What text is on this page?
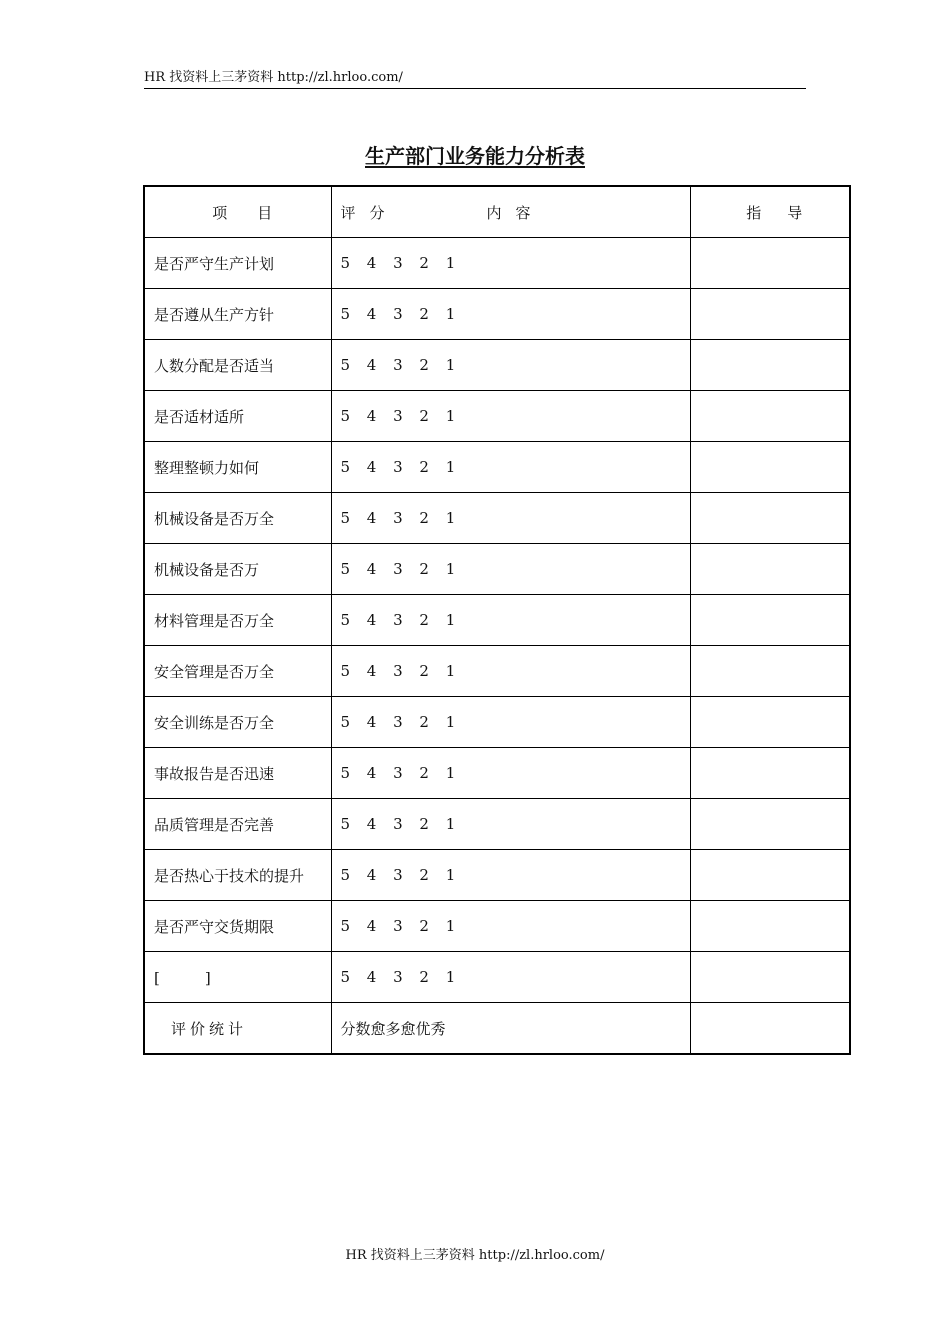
HR 找资料上三茅资料 http://zl.hrloo.com/
生产部门业务能力分析表
项 目	评 分 内 容	指 导
是否严守生产计划	5 4 3 2 1	
是否遵从生产方针	5 4 3 2 1	
人数分配是否适当	5 4 3 2 1	
是否适材适所	5 4 3 2 1	
整理整顿力如何	5 4 3 2 1	
机械设备是否万全	5 4 3 2 1	
机械设备是否万	5 4 3 2 1	
材料管理是否万全	5 4 3 2 1	
安全管理是否万全	5 4 3 2 1	
安全训练是否万全	5 4 3 2 1	
事故报告是否迅速	5 4 3 2 1	
品质管理是否完善	5 4 3 2 1	
是否热心于技术的提升	5 4 3 2 1	
是否严守交货期限	5 4 3 2 1	
[　　　]	5 4 3 2 1	
评价统计	分数愈多愈优秀	
HR 找资料上三茅资料 http://zl.hrloo.com/
